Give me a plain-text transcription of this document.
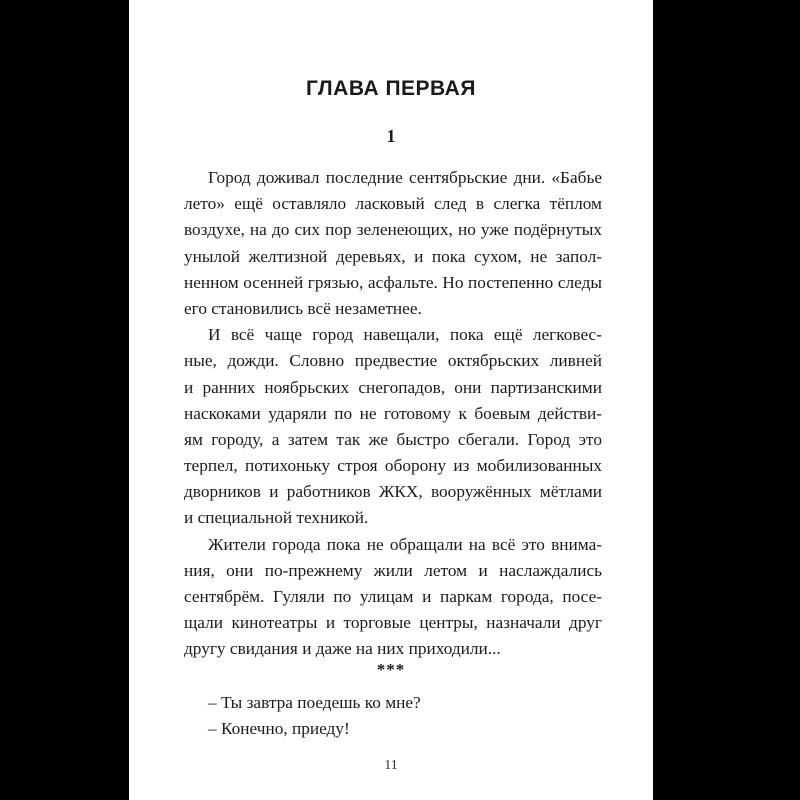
ГЛАВА ПЕРВАЯ
1
Город доживал последние сентябрьские дни. «Бабье
лето» ещё оставляло ласковый след в слегка тёплом
воздухе, на до сих пор зеленеющих, но уже подёрнутых
унылой желтизной деревьях, и пока сухом, не запол-
ненном осенней грязью, асфальте. Но постепенно следы
его становились всё незаметнее.
И всё чаще город навещали, пока ещё легковес-
ные, дожди. Словно предвестие октябрьских ливней
и ранних ноябрьских снегопадов, они партизанскими
наскоками ударяли по не готовому к боевым действи-
ям городу, а затем так же быстро сбегали. Город это
терпел, потихоньку строя оборону из мобилизованных
дворников и работников ЖКХ, вооружённых мётлами
и специальной техникой.
Жители города пока не обращали на всё это внима-
ния, они по-прежнему жили летом и наслаждались
сентябрём. Гуляли по улицам и паркам города, посе-
щали кинотеатры и торговые центры, назначали друг
другу свидания и даже на них приходили...
***
– Ты завтра поедешь ко мне?
– Конечно, приеду!
11
